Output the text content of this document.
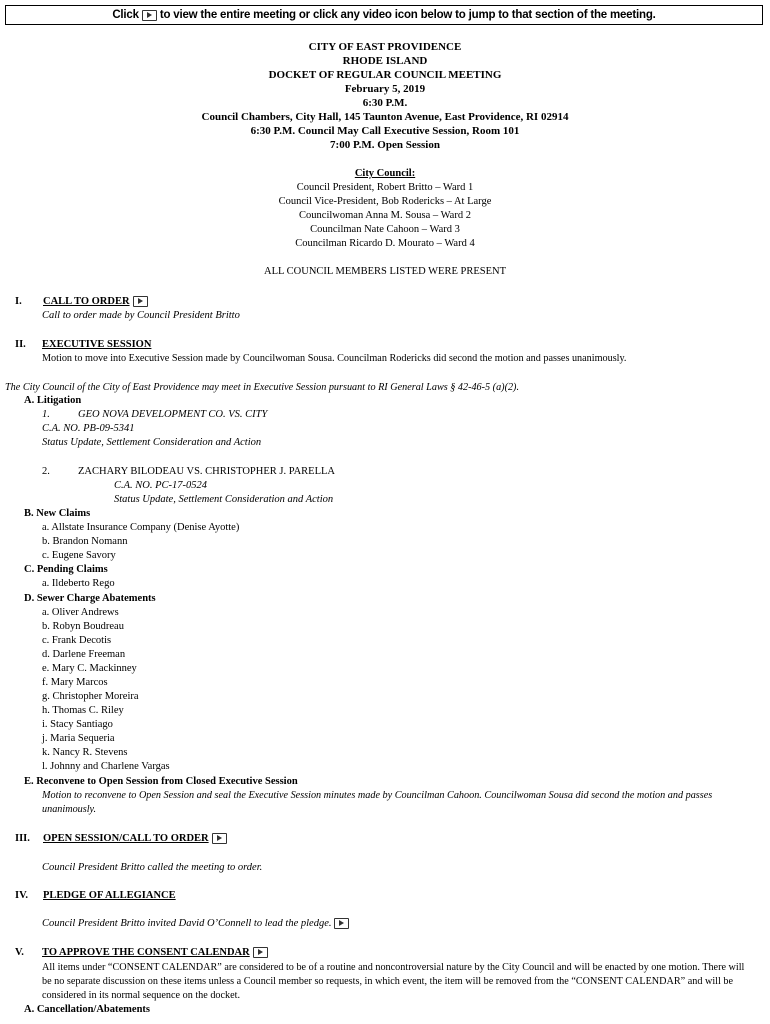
Click to view the entire meeting or click any video icon below to jump to that section of the meeting.
CITY OF EAST PROVIDENCE
RHODE ISLAND
DOCKET OF REGULAR COUNCIL MEETING
February 5, 2019
6:30 P.M.
Council Chambers, City Hall, 145 Taunton Avenue, East Providence, RI 02914
6:30 P.M. Council May Call Executive Session, Room 101
7:00 P.M. Open Session
City Council:
Council President, Robert Britto – Ward 1
Council Vice-President, Bob Rodericks – At Large
Councilwoman Anna M. Sousa – Ward 2
Councilman Nate Cahoon – Ward 3
Councilman Ricardo D. Mourato – Ward 4
ALL COUNCIL MEMBERS LISTED WERE PRESENT
I. CALL TO ORDER
Call to order made by Council President Britto
II. EXECUTIVE SESSION
Motion to move into Executive Session made by Councilwoman Sousa. Councilman Rodericks did second the motion and passes unanimously.
The City Council of the City of East Providence may meet in Executive Session pursuant to RI General Laws § 42-46-5 (a)(2).
A. Litigation
1.	GEO NOVA DEVELOPMENT CO. VS. CITY
C.A. NO. PB-09-5341
Status Update, Settlement Consideration and Action
2.	ZACHARY BILODEAU VS. CHRISTOPHER J. PARELLA
C.A. NO. PC-17-0524
Status Update, Settlement Consideration and Action
B. New Claims
a. Allstate Insurance Company (Denise Ayotte)
b. Brandon Nomann
c. Eugene Savory
C. Pending Claims
a. Ildeberto Rego
D. Sewer Charge Abatements
a. Oliver Andrews
b. Robyn Boudreau
c. Frank Decotis
d. Darlene Freeman
e. Mary C. Mackinney
f. Mary Marcos
g. Christopher Moreira
h. Thomas C. Riley
i. Stacy Santiago
j. Maria Sequeria
k. Nancy R. Stevens
l. Johnny and Charlene Vargas
E. Reconvene to Open Session from Closed Executive Session
Motion to reconvene to Open Session and seal the Executive Session minutes made by Councilman Cahoon. Councilwoman Sousa did second the motion and passes unanimously.
III. OPEN SESSION/CALL TO ORDER
Council President Britto called the meeting to order.
IV. PLEDGE OF ALLEGIANCE
Council President Britto invited David O’Connell to lead the pledge.
V. TO APPROVE THE CONSENT CALENDAR
All items under “CONSENT CALENDAR” are considered to be of a routine and noncontroversial nature by the City Council and will be enacted by one motion. There will be no separate discussion on these items unless a Council member so requests, in which event, the item will be removed from the “CONSENT CALENDAR” and will be considered in its normal sequence on the docket.
A. Cancellation/Abatements
